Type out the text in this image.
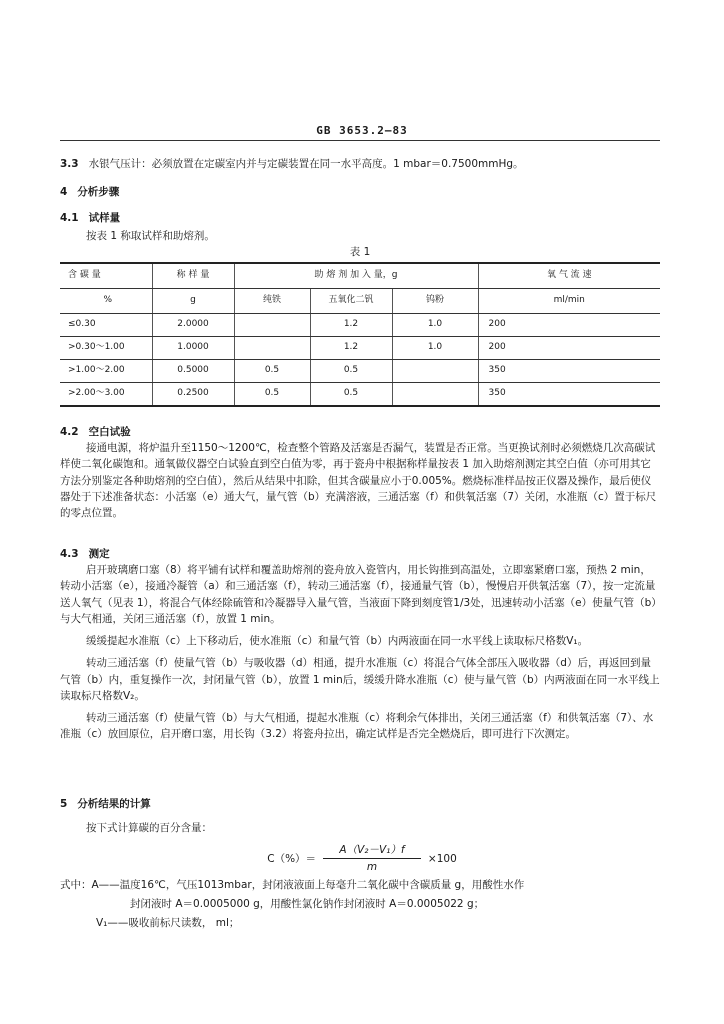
GB 3653.2—83
3.3 水银气压计：必须放置在定碳室内并与定碳装置在同一水平高度。1 mbar＝0.7500mmHg。
4 分析步骤
4.1 试样量
按表 1 称取试样和助熔剂。
表 1
含 碳 量	称 样 量	助 熔 剂 加 入 量，g			氧 气 流 速
%	g	纯铁	五氧化二钒	钨粉	ml/min
≤0.30	2.0000		1.2	1.0	200
>0.30～1.00	1.0000		1.2	1.0	200
>1.00～2.00	0.5000	0.5	0.5		350
>2.00～3.00	0.2500	0.5	0.5		350
4.2 空白试验

接通电源，将炉温升至1150～1200℃，检查整个管路及活塞是否漏气，装置是否正常。当更换试剂时必须燃烧几次高碳试样使二氧化碳饱和。通氧做仪器空白试验直到空白值为零，再于瓷舟中根据称样量按表 1 加入助熔剂测定其空白值（亦可用其它方法分别鉴定各种助熔剂的空白值），然后从结果中扣除，但其含碳量应小于0.005%。燃烧标准样品按正仪器及操作，最后使仪器处于下述准备状态：小活塞（e）通大气，量气管（b）充满溶液，三通活塞（f）和供氧活塞（7）关闭，水准瓶（c）置于标尺的零点位置。

4.3 测定

启开玻璃磨口塞（8）将平铺有试样和覆盖助熔剂的瓷舟放入瓷管内，用长钩推到高温处，立即塞紧磨口塞，预热 2 min，转动小活塞（e），接通冷凝管（a）和三通活塞（f），转动三通活塞（f），接通量气管（b），慢慢启开供氧活塞（7），按一定流量送人氧气（见表 1），将混合气体经除硫管和冷凝器导入量气管，当液面下降到刻度管1/3处，迅速转动小活塞（e）使量气管（b）与大气相通，关闭三通活塞（f），放置 1 min。

缓缓提起水准瓶（c）上下移动后，使水准瓶（c）和量气管（b）内两液面在同一水平线上读取标尺格数V₁。

转动三通活塞（f）使量气管（b）与吸收器（d）相通，提升水准瓶（c）将混合气体全部压入吸收器（d）后，再返回到量气管（b）内，重复操作一次，封闭量气管（b），放置 1 min后，缓缓升降水准瓶（c）使与量气管（b）内两液面在同一水平线上读取标尺格数V₂。

转动三通活塞（f）使量气管（b）与大气相通，提起水准瓶（c）将剩余气体排出，关闭三通活塞（f）和供氧活塞（7）、水准瓶（c）放回原位，启开磨口塞，用长钩（3.2）将瓷舟拉出，确定试样是否完全燃烧后，即可进行下次测定。

5 分析结果的计算
按下式计算碳的百分含量：
$C(\%)= \frac{\text{A（V₂－V₁）f}}{m} \times 100$
式中：A——温度16℃，气压1013mbar，封闭液液面上每毫升二氧化碳中含碳质量 g，用酸性水作
封闭液时 A＝0.0005000 g，用酸性氯化钠作封闭液时 A＝0.0005022 g；
V₁——吸收前标尺读数， ml；
